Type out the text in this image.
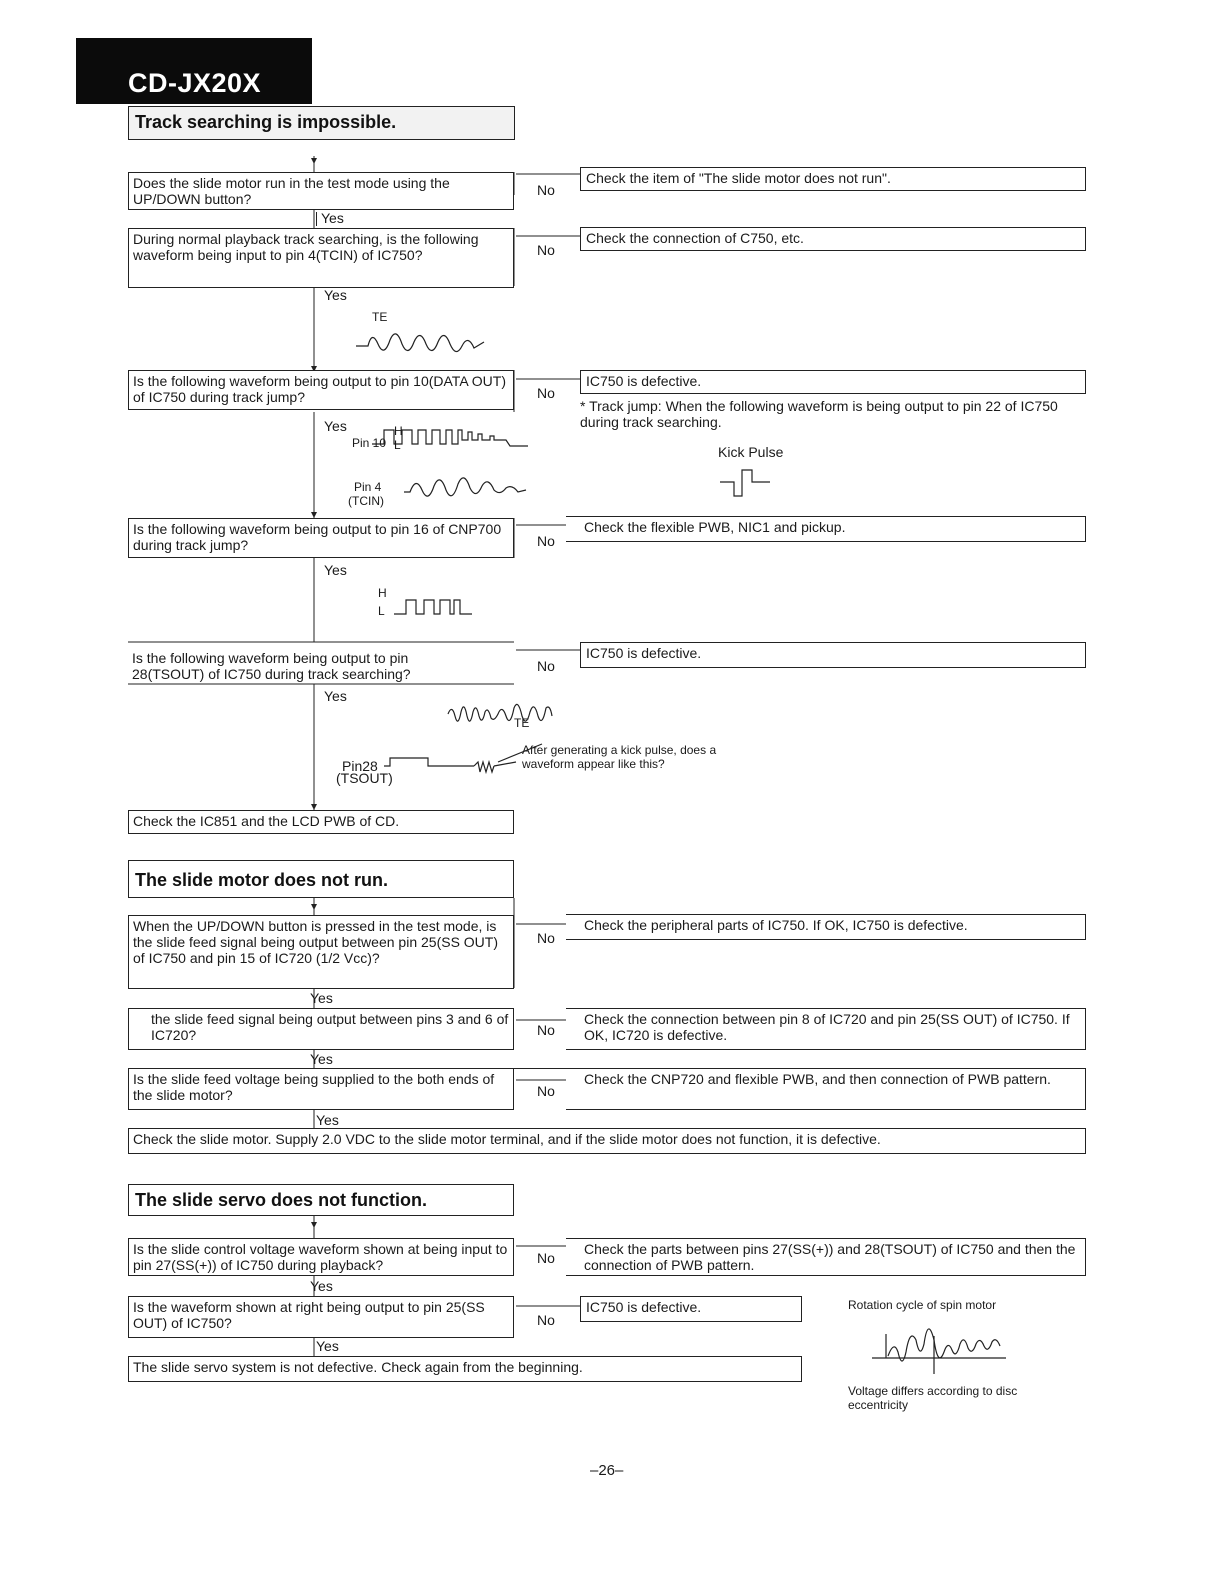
CD-JX20X
Track searching is impossible.
Does the slide motor run in the test mode using the UP/DOWN button?
No
Check the item of "The slide motor does not run".
Yes
During normal playback track searching, is the following waveform being input to pin 4(TCIN) of IC750?	No
Check the connection of C750, etc.
Yes
TE
Is the following waveform being output to pin 10(DATA OUT) of IC750 during track jump?	No
IC750 is defective.
* Track jump: When the following waveform is being output to pin 22 of IC750 during track searching.
Kick Pulse
Yes	H
L
Pin 10
Pin 4
(TCIN)
Is the following waveform being output to pin 16 of CNP700 during track jump?	No
Check the flexible PWB, NIC1 and pickup.
Yes
H
L
Is the following waveform being output to pin 28(TSOUT) of IC750 during track searching?	No
IC750 is defective.
Yes
TE
Pin28
(TSOUT)
After generating a kick pulse, does a waveform appear like this?
Check the IC851 and the LCD PWB of CD.
The slide motor does not run.
When the UP/DOWN button is pressed in the test mode, is the slide feed signal being output between pin 25(SS OUT) of IC750 and pin 15 of IC720 (1/2 Vcc)?
No
Check the peripheral parts of IC750. If OK, IC750 is defective.
Yes
the slide feed signal being output between pins 3 and 6 of IC720?	No
Check the connection between pin 8 of IC720 and pin 25(SS OUT) of IC750. If OK, IC720 is defective.
Yes
Is the slide feed voltage being supplied to the both ends of the slide motor?	No
Check the CNP720 and flexible PWB, and then connection of PWB pattern.
Yes
Check the slide motor. Supply 2.0 VDC to the slide motor terminal, and if the slide motor does not function, it is defective.
The slide servo does not function.
Is the slide control voltage waveform shown at being input to pin 27(SS(+)) of IC750 during playback?	No
Check the parts between pins 27(SS(+)) and 28(TSOUT) of IC750 and then the connection of PWB pattern.
Yes
Is the waveform shown at right being output to pin 25(SS OUT) of IC750?	No
IC750 is defective.	Rotation cycle of spin motor
Voltage differs according to disc eccentricity
Yes
The slide servo system is not defective. Check again from the beginning.
–26–
